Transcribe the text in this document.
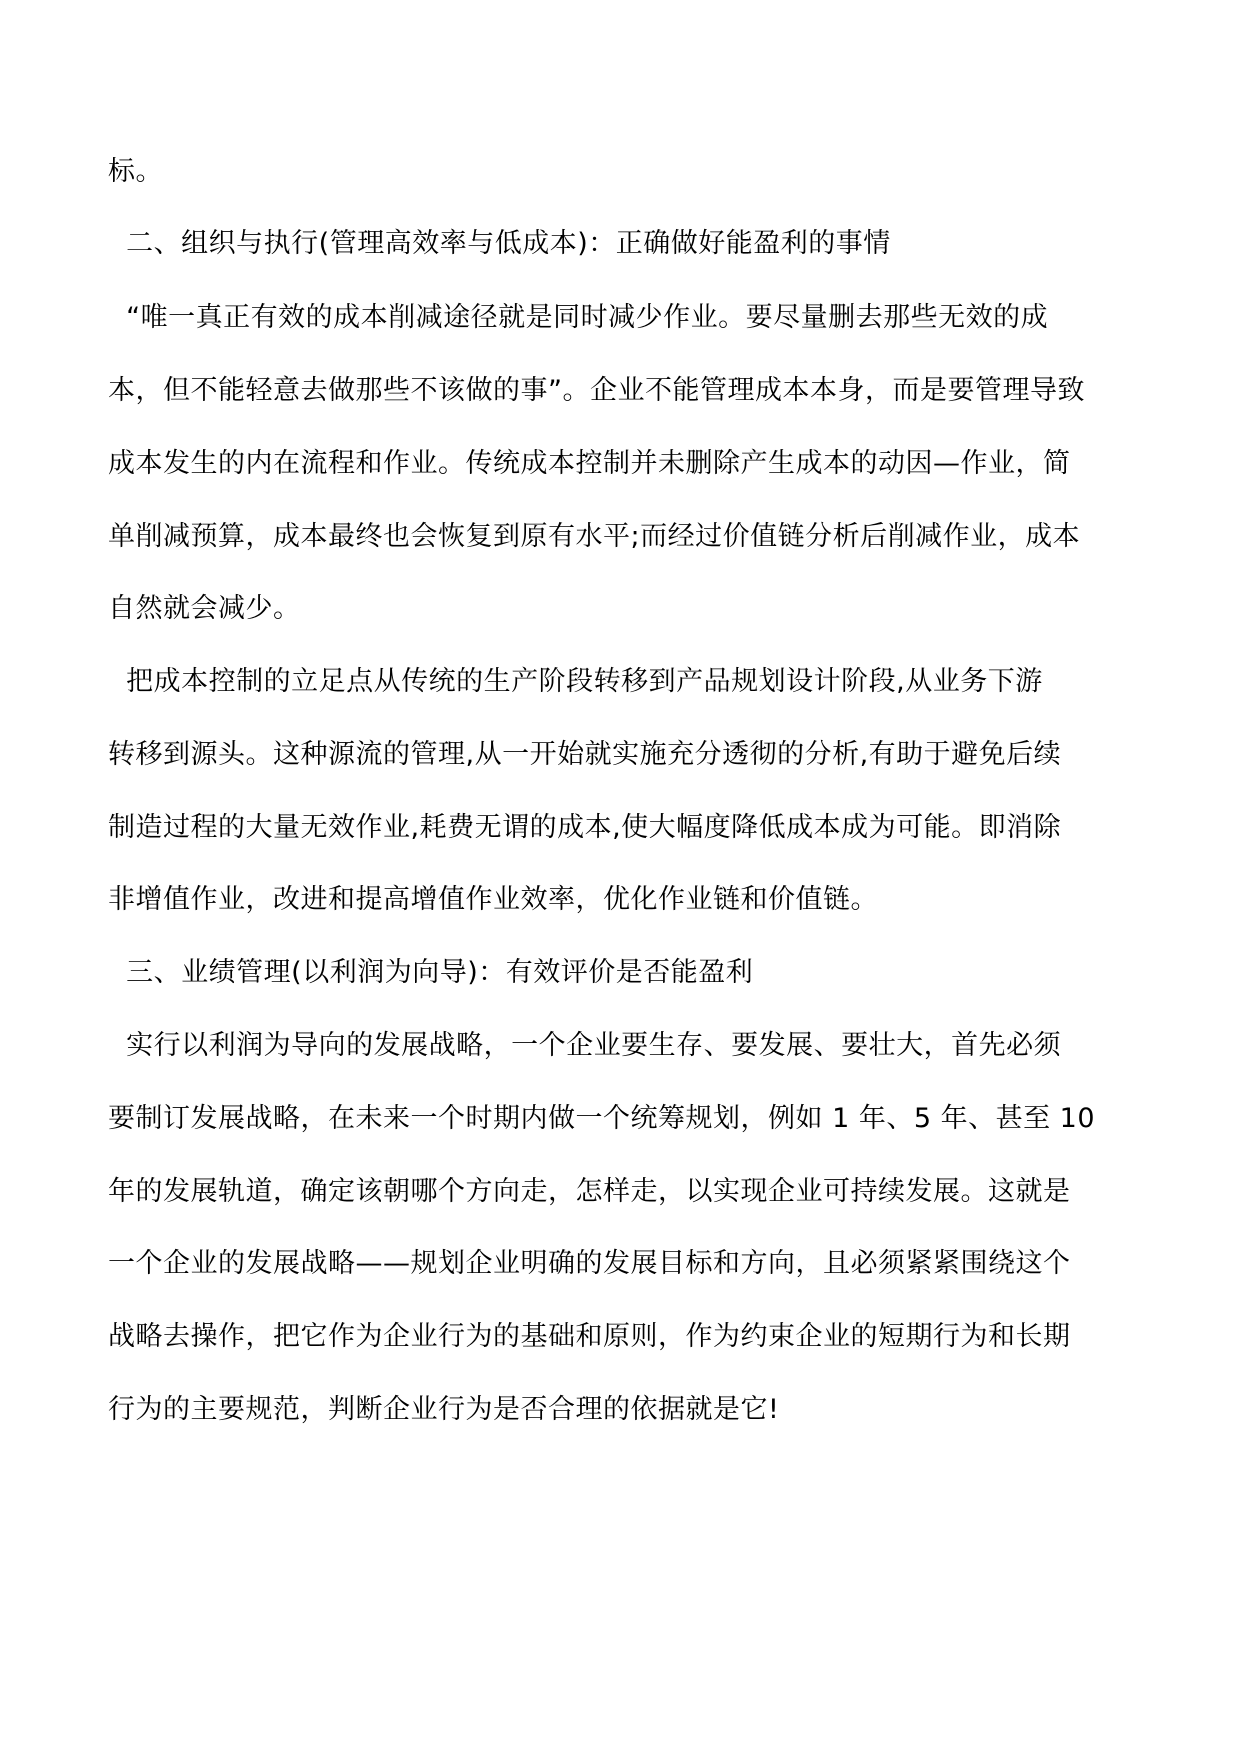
标。
二、组织与执行(管理高效率与低成本)：正确做好能盈利的事情
“唯一真正有效的成本削减途径就是同时减少作业。要尽量删去那些无效的成
本，但不能轻意去做那些不该做的事”。企业不能管理成本本身，而是要管理导致
成本发生的内在流程和作业。传统成本控制并未删除产生成本的动因—作业，简
单削减预算，成本最终也会恢复到原有水平;而经过价值链分析后削减作业，成本
自然就会减少。
把成本控制的立足点从传统的生产阶段转移到产品规划设计阶段,从业务下游
转移到源头。这种源流的管理,从一开始就实施充分透彻的分析,有助于避免后续
制造过程的大量无效作业,耗费无谓的成本,使大幅度降低成本成为可能。即消除
非增值作业，改进和提高增值作业效率，优化作业链和价值链。
三、业绩管理(以利润为向导)：有效评价是否能盈利
实行以利润为导向的发展战略，一个企业要生存、要发展、要壮大，首先必须
要制订发展战略，在未来一个时期内做一个统筹规划，例如 1 年、5 年、甚至 10
年的发展轨道，确定该朝哪个方向走，怎样走，以实现企业可持续发展。这就是
一个企业的发展战略——规划企业明确的发展目标和方向，且必须紧紧围绕这个
战略去操作，把它作为企业行为的基础和原则，作为约束企业的短期行为和长期
行为的主要规范，判断企业行为是否合理的依据就是它!
